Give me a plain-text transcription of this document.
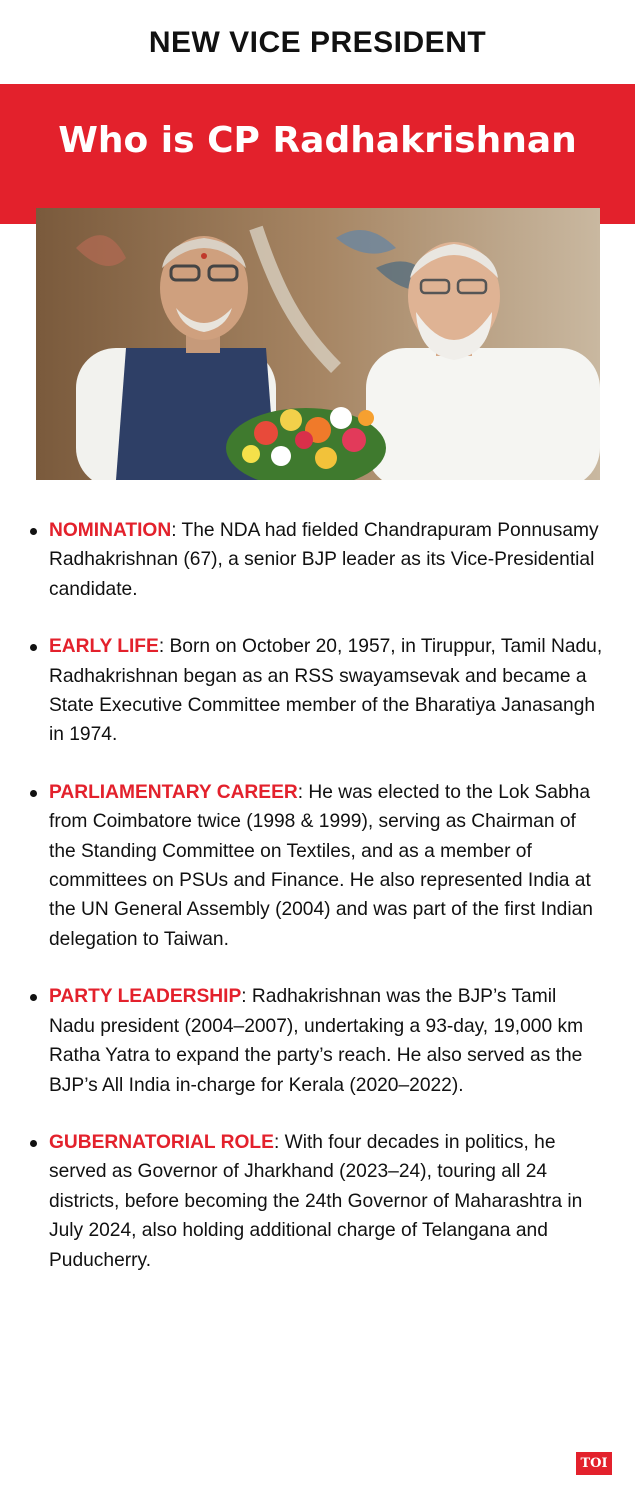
NEW VICE PRESIDENT
Who is CP Radhakrishnan
NOMINATION: The NDA had fielded Chandrapuram Ponnusamy Radhakrishnan (67), a senior BJP leader as its Vice-Presidential candidate.
EARLY LIFE: Born on October 20, 1957, in Tiruppur, Tamil Nadu, Radhakrishnan began as an RSS swayamsevak and became a State Executive Committee member of the Bharatiya Janasangh in 1974.
PARLIAMENTARY CAREER: He was elected to the Lok Sabha from Coimbatore twice (1998 & 1999), serving as Chairman of the Standing Committee on Textiles, and as a member of committees on PSUs and Finance. He also represented India at the UN General Assembly (2004) and was part of the first Indian delegation to Taiwan.
PARTY LEADERSHIP: Radhakrishnan was the BJP’s Tamil Nadu president (2004–2007), undertaking a 93-day, 19,000 km Ratha Yatra to expand the party’s reach. He also served as the BJP’s All India in-charge for Kerala (2020–2022).
GUBERNATORIAL ROLE: With four decades in politics, he served as Governor of Jharkhand (2023–24), touring all 24 districts, before becoming the 24th Governor of Maharashtra in July 2024, also holding additional charge of Telangana and Puducherry.
TOI
